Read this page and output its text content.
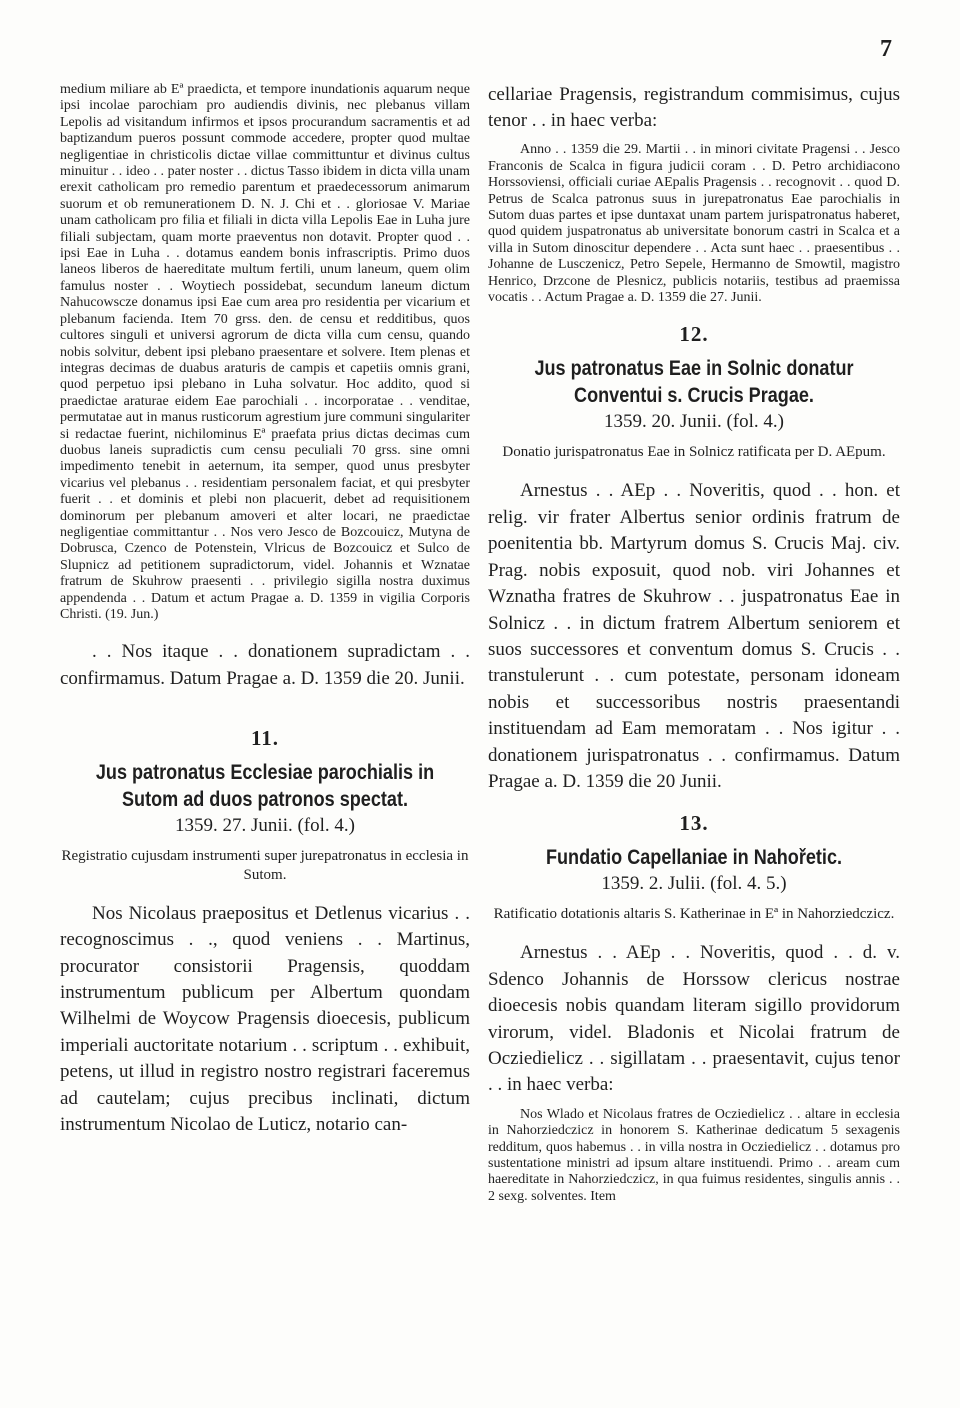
7

medium miliare ab Eª praedicta, et tempore inundationis aquarum neque ipsi incolae parochiam pro audiendis divinis, nec plebanus villam Lepolis ad visitandum infirmos et ipsos procurandum sacramentis et ad baptizandum pueros possunt commode accedere, propter quod multae negligentiae in christicolis dictae villae committuntur et divinus cultus minuitur . . ideo . . pater noster . . dictus Tasso ibidem in dicta villa unam erexit catholicam pro remedio parentum et praedecessorum animarum suorum et ob remunerationem D. N. J. Chi et . . gloriosae V. Mariae unam catholicam pro filia et filiali in dicta villa Lepolis Eae in Luha jure filiali subjectam, quam morte praeventus non dotavit. Propter quod . . ipsi Eae in Luha . . dotamus eandem bonis infrascriptis. Primo duos laneos liberos de haereditate multum fertili, unum laneum, quem olim famulus noster . . Woytiech possidebat, secundum laneum dictum Nahucowscze donamus ipsi Eae cum area pro residentia per vicarium et plebanum facienda. Item 70 grss. den. de censu et redditibus, quos cultores singuli et universi agrorum de dicta villa cum censu, quando nobis solvitur, debent ipsi plebano praesentare et solvere. Item plenas et integras decimas de duabus araturis de campis et capetiis omnis grani, quod perpetuo ipsi plebano in Luha solvatur. Hoc addito, quod si praedictae araturae eidem Eae parochiali . . incorporatae . . venditae, permutatae aut in manus rusticorum agrestium jure communi singulariter si redactae fuerint, nichilominus Eª praefata prius dictas decimas cum duobus laneis supradictis cum censu peculiali 70 grss. sine omni impedimento tenebit in aeternum, ita semper, quod unus presbyter vicarius vel plebanus . . residentiam personalem faciat, et qui presbyter fuerit . . et dominis et plebi non placuerit, debet ad requisitionem dominorum per plebanum amoveri et alter locari, ne praedictae negligentiae committantur . . Nos vero Jesco de Bozcouicz, Mutyna de Dobrusca, Czenco de Potenstein, Vlricus de Bozcouicz et Sulco de Slupnicz ad petitionem supradictorum, videl. Johannis et Wznatae fratrum de Skuhrow praesenti . . privilegio sigilla nostra duximus appendenda . . Datum et actum Pragae a. D. 1359 in vigilia Corporis Christi. (19. Jun.)

. . Nos itaque . . donationem supradictam . . confirmamus. Datum Pragae a. D. 1359 die 20. Junii.

11.

Jus patronatus Ecclesiae parochialis in Sutom ad duos patronos spectat.

1359. 27. Junii. (fol. 4.)

Registratio cujusdam instrumenti super jurepatronatus in ecclesia in Sutom.

Nos Nicolaus praepositus et Detlenus vicarius . . recognoscimus . ., quod veniens . . Martinus, procurator consistorii Pragensis, quoddam instrumentum publicum per Albertum quondam Wilhelmi de Woycow Pragensis dioecesis, publicum imperiali auctoritate notarium . . scriptum . . exhibuit, petens, ut illud in registro nostro registrari faceremus ad cautelam; cujus precibus inclinati, dictum instrumentum Nicolao de Luticz, notario can-

cellariae Pragensis, registrandum commisimus, cujus tenor . . in haec verba:

Anno . . 1359 die 29. Martii . . in minori civitate Pragensi . . Jesco Franconis de Scalca in figura judicii coram . . D. Petro archidiacono Horssoviensi, officiali curiae AEpalis Pragensis . . recognovit . . quod D. Petrus de Scalca patronus suus in jurepatronatus Eae parochialis in Sutom duas partes et ipse duntaxat unam partem jurispatronatus haberet, quod quidem juspatronatus ab universitate bonorum castri in Scalca et a villa in Sutom dinoscitur dependere . . Acta sunt haec . . praesentibus . . Johanne de Lusczenicz, Petro Sepele, Hermanno de Smowtil, magistro Henrico, Drzcone de Plesnicz, publicis notariis, testibus ad praemissa vocatis . . Actum Pragae a. D. 1359 die 27. Junii.

12.

Jus patronatus Eae in Solnic donatur Conventui s. Crucis Pragae.

1359. 20. Junii. (fol. 4.)

Donatio jurispatronatus Eae in Solnicz ratificata per D. AEpum.

Arnestus . . AEp . . Noveritis, quod . . hon. et relig. vir frater Albertus senior ordinis fratrum de poenitentia bb. Martyrum domus S. Crucis Maj. civ. Prag. nobis exposuit, quod nob. viri Johannes et Wznatha fratres de Skuhrow . . juspatronatus Eae in Solnicz . . in dictum fratrem Albertum seniorem et suos successores et conventum domus S. Crucis . . transtulerunt . . cum potestate, personam idoneam nobis et successoribus nostris praesentandi instituendam ad Eam memoratam . . Nos igitur . . donationem jurispatronatus . . confirmamus. Datum Pragae a. D. 1359 die 20 Junii.

13.

Fundatio Capellaniae in Nahořetic.

1359. 2. Julii. (fol. 4. 5.)

Ratificatio dotationis altaris S. Katherinae in Eª in Nahorziedczicz.

Arnestus . . AEp . . Noveritis, quod . . d. v. Sdenco Johannis de Horssow clericus nostrae dioecesis nobis quandam literam sigillo providorum virorum, videl. Bladonis et Nicolai fratrum de Ocziedielicz . . sigillatam . . praesentavit, cujus tenor . . in haec verba:

Nos Wlado et Nicolaus fratres de Ocziedielicz . . altare in ecclesia in Nahorziedczicz in honorem S. Katherinae dedicatum 5 sexagenis redditum, quos habemus . . in villa nostra in Ocziedielicz . . dotamus pro sustentatione ministri ad ipsum altare instituendi. Primo . . aream cum haereditate in Nahorziedczicz, in qua fuimus residentes, singulis annis . . 2 sexg. solventes. Item
